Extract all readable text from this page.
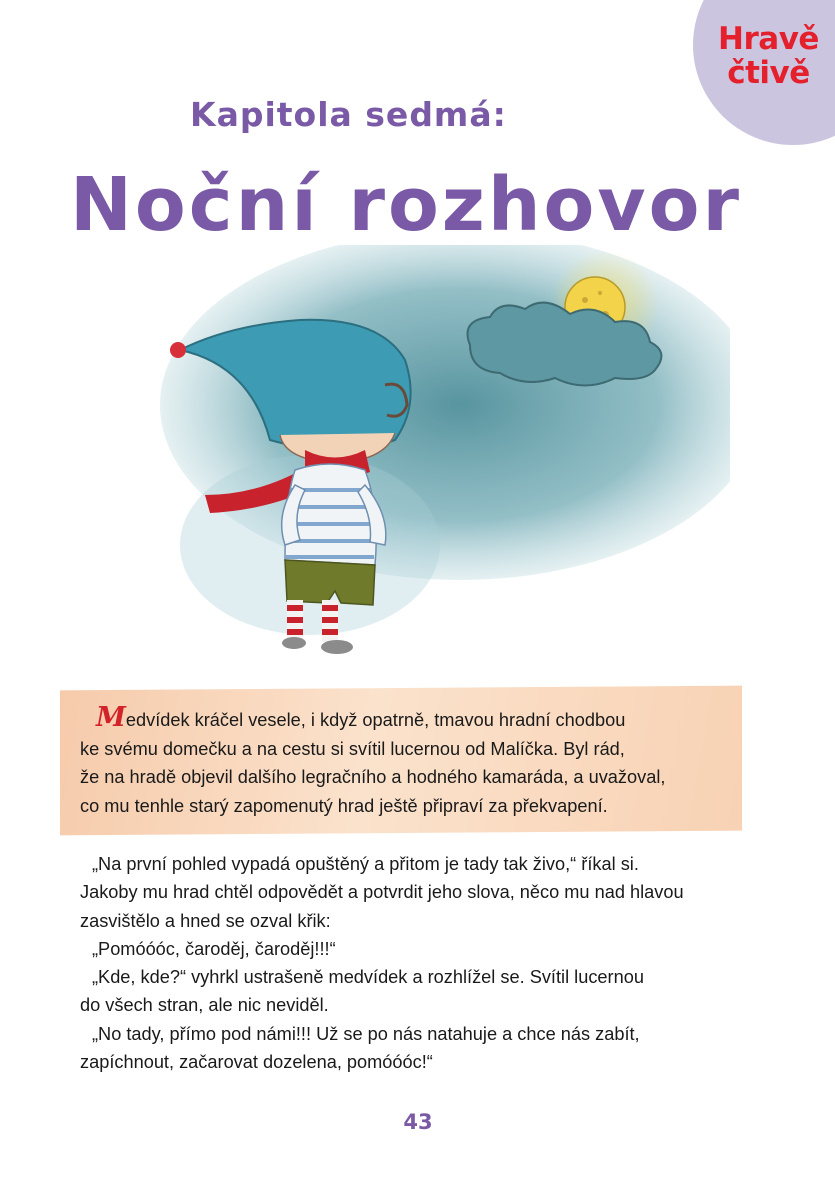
Hravě
čtivě
Kapitola sedmá:
Noční rozhovor
Medvídek kráčel vesele, i když opatrně, tmavou hradní chodbou
ke svému domečku a na cestu si svítil lucernou od Malíčka. Byl rád,
že na hradě objevil dalšího legračního a hodného kamaráda, a uvažoval,
co mu tenhle starý zapomenutý hrad ještě připraví za překvapení.
„Na první pohled vypadá opuštěný a přitom je tady tak živo,“ říkal si.
Jakoby mu hrad chtěl odpovědět a potvrdit jeho slova, něco mu nad hlavou
zasvištělo a hned se ozval křik:
„Pomóóóc, čaroděj, čaroděj!!!“
„Kde, kde?“ vyhrkl ustrašeně medvídek a rozhlížel se. Svítil lucernou
do všech stran, ale nic neviděl.
„No tady, přímo pod námi!!! Už se po nás natahuje a chce nás zabít,
zapíchnout, začarovat dozelena, pomóóóc!“
43
